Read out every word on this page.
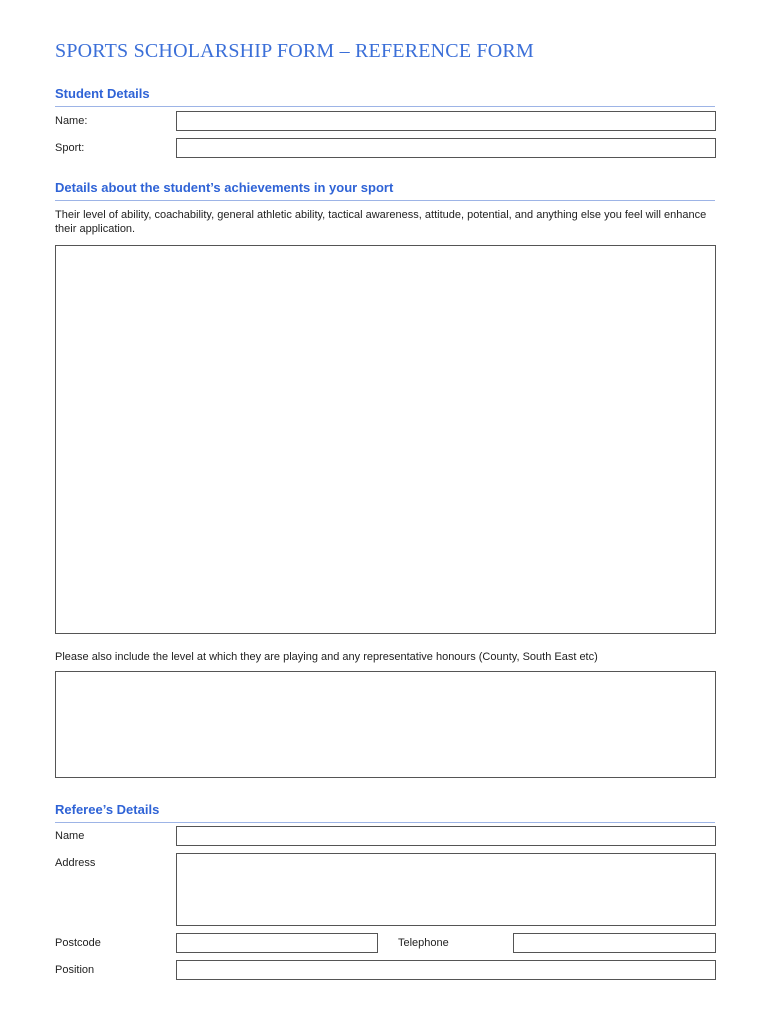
SPORTS SCHOLARSHIP FORM – REFERENCE FORM
Student Details
Name:
Sport:
Details about the student’s achievements in your sport
Their level of ability, coachability, general athletic ability, tactical awareness, attitude, potential, and anything else you feel will enhance their application.
Please also include the level at which they are playing and any representative honours (County, South East etc)
Referee’s Details
Name
Address
Postcode	Telephone
Position
